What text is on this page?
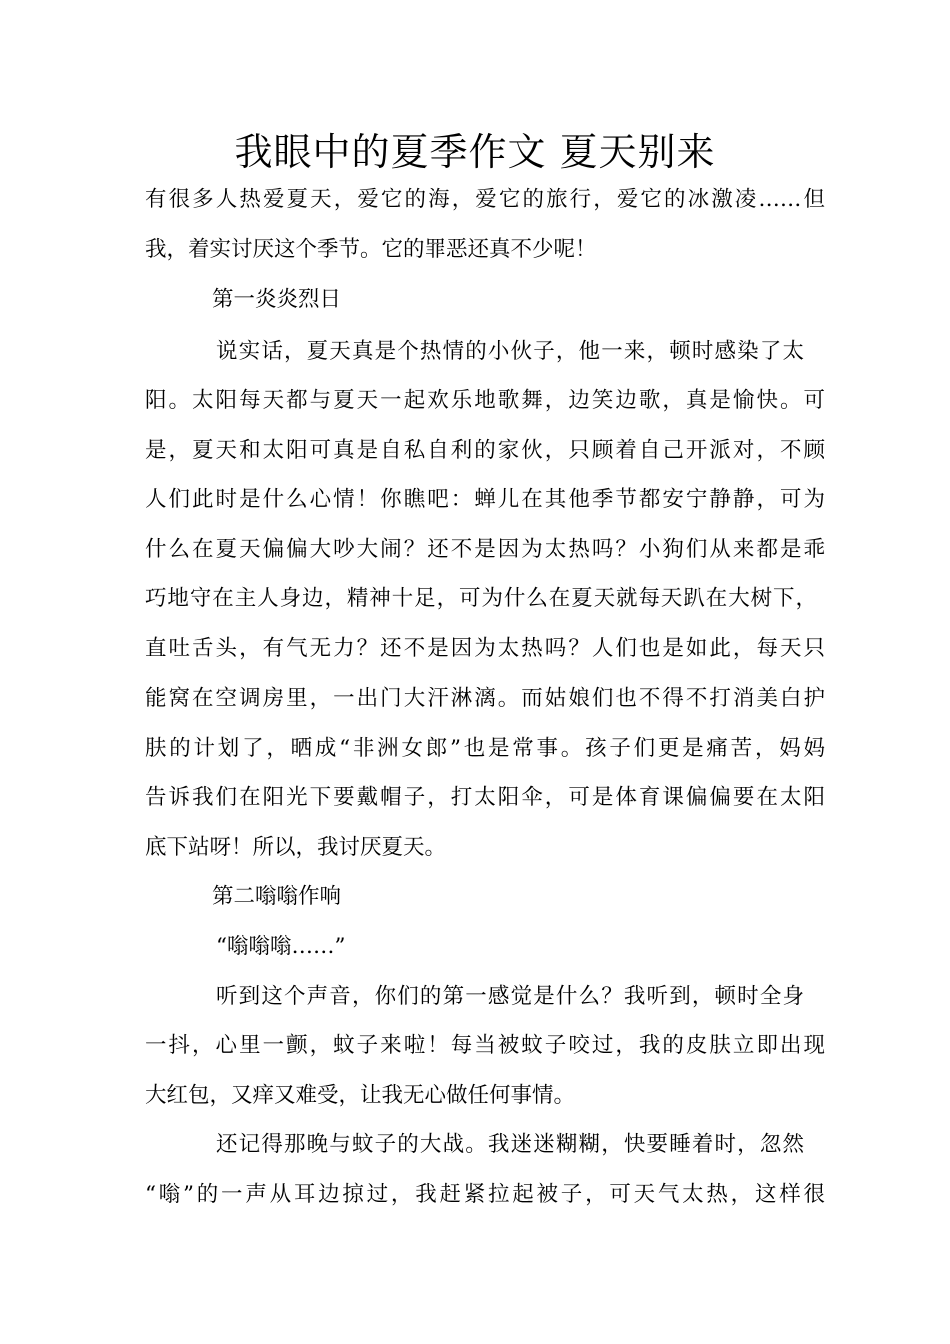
我眼中的夏季作文 夏天别来
有很多人热爱夏天，爱它的海，爱它的旅行，爱它的冰激凌……但
我，着实讨厌这个季节。它的罪恶还真不少呢！
第一炎炎烈日
说实话，夏天真是个热情的小伙子，他一来，顿时感染了太
阳。太阳每天都与夏天一起欢乐地歌舞，边笑边歌，真是愉快。可
是，夏天和太阳可真是自私自利的家伙，只顾着自己开派对，不顾
人们此时是什么心情！你瞧吧：蝉儿在其他季节都安宁静静，可为
什么在夏天偏偏大吵大闹？还不是因为太热吗？小狗们从来都是乖
巧地守在主人身边，精神十足，可为什么在夏天就每天趴在大树下，
直吐舌头，有气无力？还不是因为太热吗？人们也是如此，每天只
能窝在空调房里，一出门大汗淋漓。而姑娘们也不得不打消美白护
肤的计划了，晒成“非洲女郎”也是常事。孩子们更是痛苦，妈妈
告诉我们在阳光下要戴帽子，打太阳伞，可是体育课偏偏要在太阳
底下站呀！所以，我讨厌夏天。
第二嗡嗡作响
“嗡嗡嗡……”
听到这个声音，你们的第一感觉是什么？我听到，顿时全身
一抖，心里一颤，蚊子来啦！每当被蚊子咬过，我的皮肤立即出现
大红包，又痒又难受，让我无心做任何事情。
还记得那晚与蚊子的大战。我迷迷糊糊，快要睡着时，忽然
“嗡”的一声从耳边掠过，我赶紧拉起被子，可天气太热，这样很
